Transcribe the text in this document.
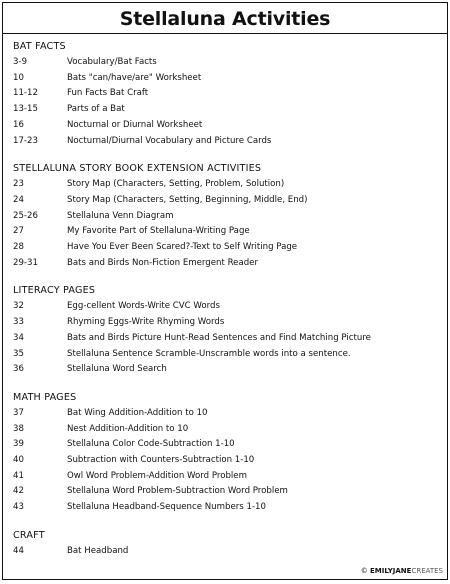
Stellaluna Activities
BAT FACTS
3-9	Vocabulary/Bat Facts
10	Bats "can/have/are" Worksheet
11-12	Fun Facts Bat Craft
13-15	Parts of a Bat
16	Nocturnal or Diurnal Worksheet
17-23	Nocturnal/Diurnal Vocabulary and Picture Cards
STELLALUNA STORY BOOK EXTENSION ACTIVITIES
23	Story Map (Characters, Setting, Problem, Solution)
24	Story Map (Characters, Setting, Beginning, Middle, End)
25-26	Stellaluna Venn Diagram
27	My Favorite Part of Stellaluna-Writing Page
28	Have You Ever Been Scared?-Text to Self Writing Page
29-31	Bats and Birds Non-Fiction Emergent Reader
LITERACY PAGES
32	Egg-cellent Words-Write CVC Words
33	Rhyming Eggs-Write Rhyming Words
34	Bats and Birds Picture Hunt-Read Sentences and Find Matching Picture
35	Stellaluna Sentence Scramble-Unscramble words into a sentence.
36	Stellaluna Word Search
MATH PAGES
37	Bat Wing Addition-Addition to 10
38	Nest Addition-Addition to 10
39	Stellaluna Color Code-Subtraction 1-10
40	Subtraction with Counters-Subtraction 1-10
41	Owl Word Problem-Addition Word Problem
42	Stellaluna Word Problem-Subtraction Word Problem
43	Stellaluna Headband-Sequence Numbers 1-10
CRAFT
44	Bat Headband
© EMILYJANECREATES
